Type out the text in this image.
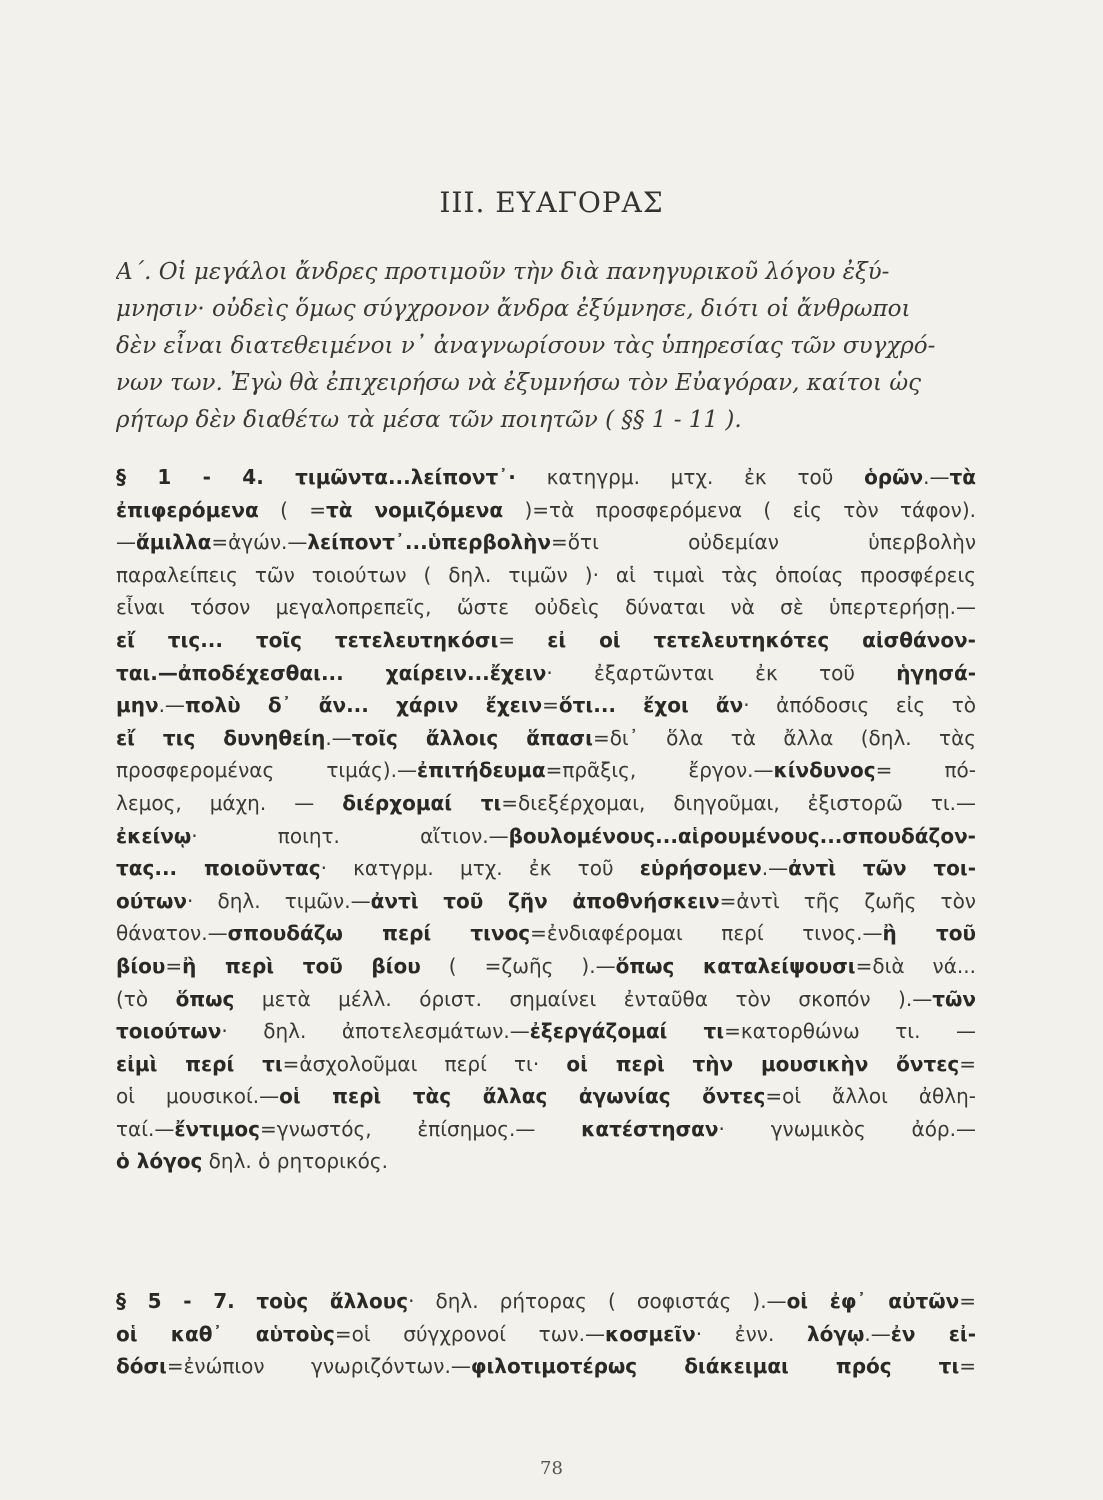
III. ΕΥΑΓΟΡΑΣ
Α΄. Οἱ μεγάλοι ἄνδρες προτιμοῦν τὴν διὰ πανηγυρικοῦ λόγου ἐξύ-
μνησιν· οὐδεὶς ὅμως σύγχρονον ἄνδρα ἐξύμνησε, διότι οἱ ἄνθρωποι
δὲν εἶναι διατεθειμένοι ν᾿ ἀναγνωρίσουν τὰς ὑπηρεσίας τῶν συγχρό-
νων των. Ἐγὼ θὰ ἐπιχειρήσω νὰ ἐξυμνήσω τὸν Εὐαγόραν, καίτοι ὡς
ρήτωρ δὲν διαθέτω τὰ μέσα τῶν ποιητῶν ( §§ 1 - 11 ).
§ 1 - 4. τιμῶντα...λείποντ᾿· κατηγρμ. μτχ. ἐκ τοῦ ὁρῶν.—τὰ
ἐπιφερόμενα ( =τὰ νομιζόμενα )=τὰ προσφερόμενα ( εἰς τὸν τάφον).
—ἅμιλλα=ἀγών.—λείποντ᾿...ὑπερβολὴν=ὅτι οὐδεμίαν ὑπερβολὴν
παραλείπεις τῶν τοιούτων ( δηλ. τιμῶν )· αἱ τιμαὶ τὰς ὁποίας προσφέρεις
εἶναι τόσον μεγαλοπρεπεῖς, ὥστε οὐδεὶς δύναται νὰ σὲ ὑπερτερήσῃ.—
εἴ τις... τοῖς τετελευτηκόσι= εἰ οἱ τετελευτηκότες αἰσθάνον-
ται.—ἀποδέχεσθαι... χαίρειν...ἔχειν· ἐξαρτῶνται ἐκ τοῦ ἡγησά-
μην.—πολὺ δ᾿ ἄν... χάριν ἔχειν=ὅτι... ἔχοι ἄν· ἀπόδοσις εἰς τὸ
εἴ τις δυνηθείη.—τοῖς ἄλλοις ἅπασι=δι᾿ ὅλα τὰ ἄλλα (δηλ. τὰς
προσφερομένας τιμάς).—ἐπιτήδευμα=πρᾶξις, ἔργον.—κίνδυνος= πό-
λεμος, μάχη. — διέρχομαί τι=διεξέρχομαι, διηγοῦμαι, ἐξιστορῶ τι.—
ἐκείνῳ· ποιητ. αἴτιον.—βουλομένους...αἱρουμένους...σπουδάζον-
τας... ποιοῦντας· κατγρμ. μτχ. ἐκ τοῦ εὑρήσομεν.—ἀντὶ τῶν τοι-
ούτων· δηλ. τιμῶν.—ἀντὶ τοῦ ζῆν ἀποθνήσκειν=ἀντὶ τῆς ζωῆς τὸν
θάνατον.—σπουδάζω περί τινος=ἐνδιαφέρομαι περί τινος.—ἢ τοῦ
βίου=ἢ περὶ τοῦ βίου ( =ζωῆς ).—ὅπως καταλείψουσι=διὰ νά...
(τὸ ὅπως μετὰ μέλλ. όριστ. σημαίνει ἐνταῦθα τὸν σκοπόν ).—τῶν
τοιούτων· δηλ. ἀποτελεσμάτων.—ἐξεργάζομαί τι=κατορθώνω τι. —
εἰμὶ περί τι=ἀσχολοῦμαι περί τι· οἱ περὶ τὴν μουσικὴν ὄντες=
οἱ μουσικοί.—οἱ περὶ τὰς ἄλλας ἀγωνίας ὄντες=οἱ ἄλλοι ἀθλη-
ταί.—ἔντιμος=γνωστός, ἐπίσημος.— κατέστησαν· γνωμικὸς ἀόρ.—
ὁ λόγος δηλ. ὁ ρητορικός.
§ 5 - 7. τοὺς ἄλλους· δηλ. ρήτορας ( σοφιστάς ).—οἱ ἐφ᾿ αὐτῶν=
οἱ καθ᾿ αὑτοὺς=οἱ σύγχρονοί των.—κοσμεῖν· ἐνν. λόγῳ.—ἐν εἰ-
δόσι=ἐνώπιον γνωριζόντων.—φιλοτιμοτέρως διάκειμαι πρός τι=
78
